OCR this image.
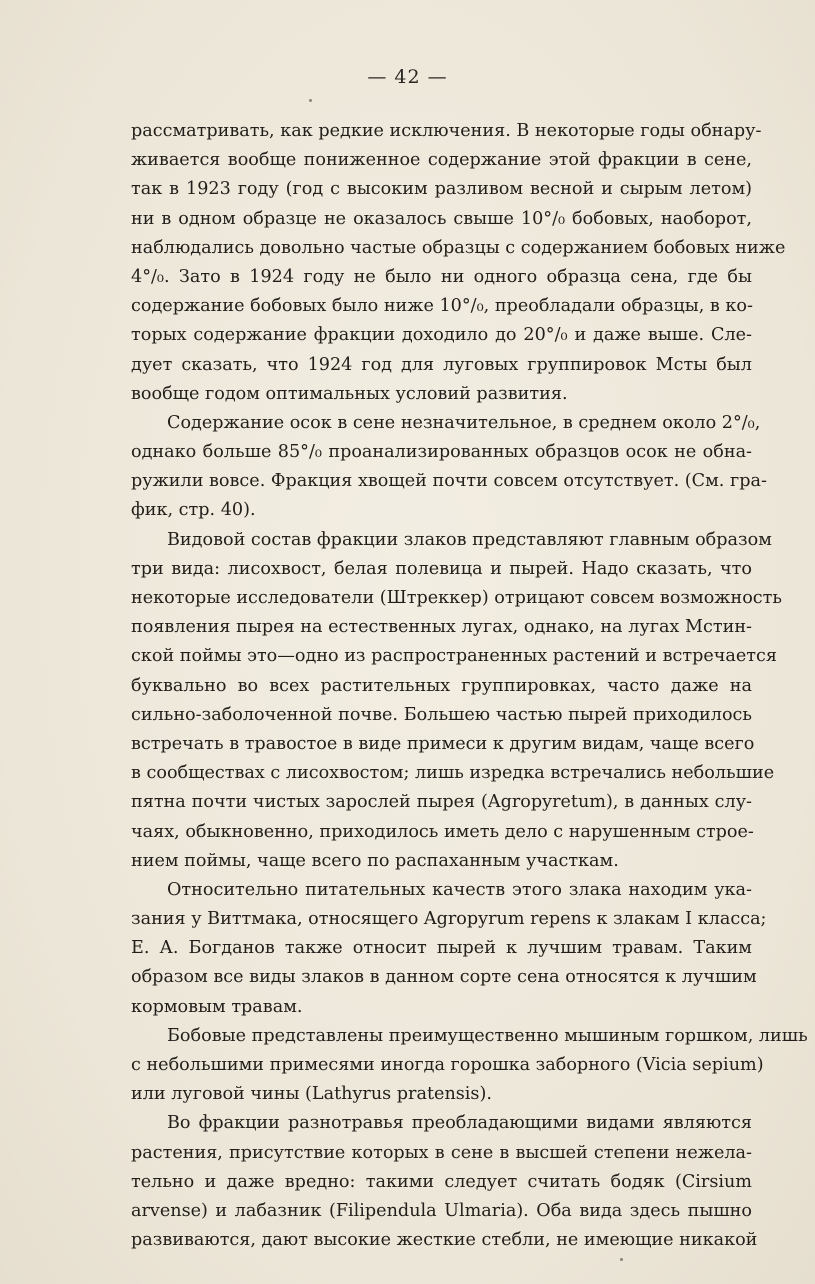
— 42 —
рассматривать, как редкие исключения. В некоторые годы обнару-
живается вообще пониженное содержание этой фракции в сене,
так в 1923 году (год с высоким разливом весной и сырым летом)
ни в одном образце не оказалось свыше 10°/₀ бобовых, наоборот,
наблюдались довольно частые образцы с содержанием бобовых ниже
4°/₀. Зато в 1924 году не было ни одного образца сена, где бы
содержание бобовых было ниже 10°/₀, преобладали образцы, в ко-
торых содержание фракции доходило до 20°/₀ и даже выше. Сле-
дует сказать, что 1924 год для луговых группировок Мсты был
вообще годом оптимальных условий развития.
Содержание осок в сене незначительное, в среднем около 2°/₀,
однако больше 85°/₀ проанализированных образцов осок не обна-
ружили вовсе. Фракция хвощей почти совсем отсутствует. (См. гра-
фик, стр. 40).
Видовой состав фракции злаков представляют главным образом
три вида: лисохвост, белая полевица и пырей. Надо сказать, что
некоторые исследователи (Штреккер) отрицают совсем возможность
появления пырея на естественных лугах, однако, на лугах Мстин-
ской поймы это—одно из распространенных растений и встречается
буквально во всех растительных группировках, часто даже на
сильно-заболоченной почве. Большею частью пырей приходилось
встречать в травостое в виде примеси к другим видам, чаще всего
в сообществах с лисохвостом; лишь изредка встречались небольшие
пятна почти чистых зарослей пырея (Agropyretum), в данных слу-
чаях, обыкновенно, приходилось иметь дело с нарушенным строе-
нием поймы, чаще всего по распаханным участкам.
Относительно питательных качеств этого злака находим ука-
зания у Виттмака, относящего Agropyrum repens к злакам I класса;
Е. А. Богданов также относит пырей к лучшим травам. Таким
образом все виды злаков в данном сорте сена относятся к лучшим
кормовым травам.
Бобовые представлены преимущественно мышиным горшком, лишь
с небольшими примесями иногда горошка заборного (Vicia sepium)
или луговой чины (Lathyrus pratensis).
Во фракции разнотравья преобладающими видами являются
растения, присутствие которых в сене в высшей степени нежела-
тельно и даже вредно: такими следует считать бодяк (Cirsium
arvense) и лабазник (Filipendula Ulmaria). Оба вида здесь пышно
развиваются, дают высокие жесткие стебли, не имеющие никакой
